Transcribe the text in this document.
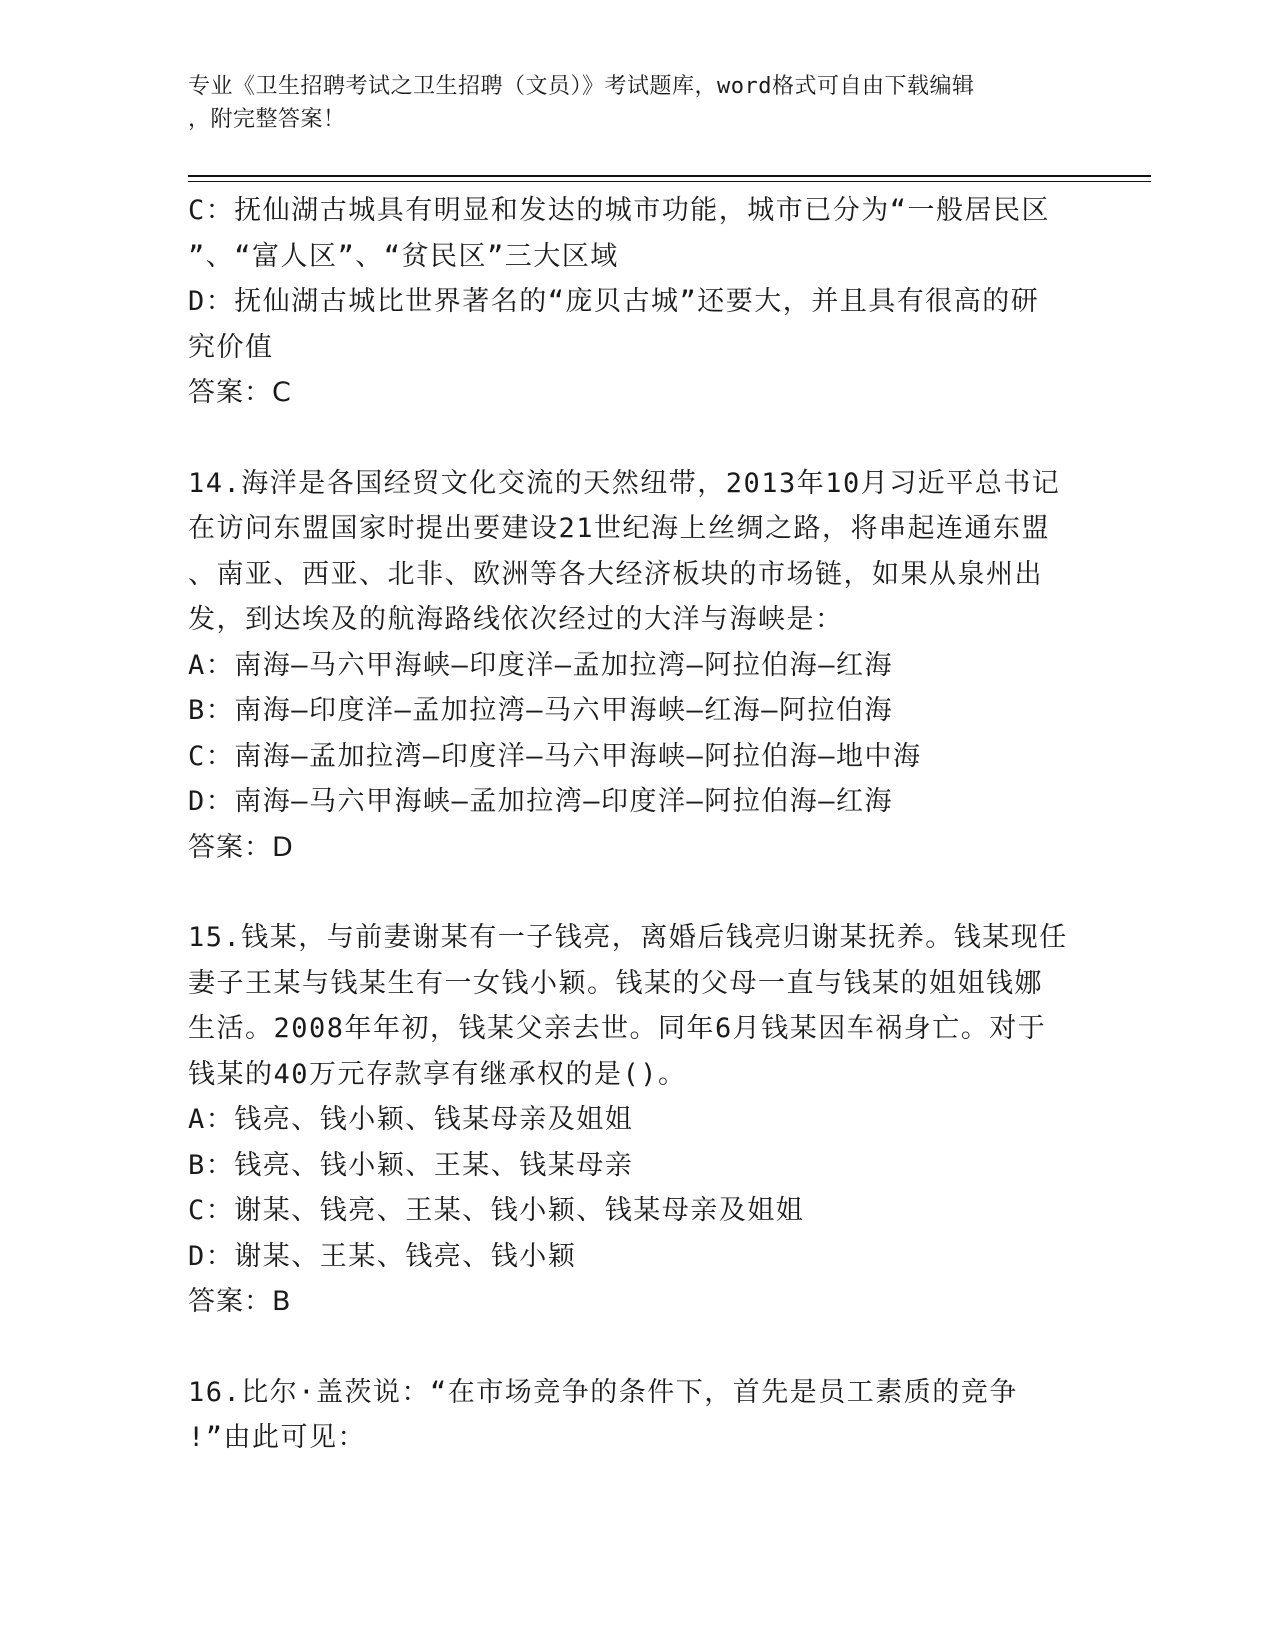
专业《卫生招聘考试之卫生招聘（文员）》考试题库，word格式可自由下载编辑
，附完整答案！
C：抚仙湖古城具有明显和发达的城市功能，城市已分为“一般居民区
”、“富人区”、“贫民区”三大区域
D：抚仙湖古城比世界著名的“庞贝古城”还要大，并且具有很高的研
究价值
答案：C
14.海洋是各国经贸文化交流的天然纽带，2013年10月习近平总书记
在访问东盟国家时提出要建设21世纪海上丝绸之路，将串起连通东盟
、南亚、西亚、北非、欧洲等各大经济板块的市场链，如果从泉州出
发，到达埃及的航海路线依次经过的大洋与海峡是：
A：南海—马六甲海峡—印度洋—孟加拉湾—阿拉伯海—红海
B：南海—印度洋—孟加拉湾—马六甲海峡—红海—阿拉伯海
C：南海—孟加拉湾—印度洋—马六甲海峡—阿拉伯海—地中海
D：南海—马六甲海峡—孟加拉湾—印度洋—阿拉伯海—红海
答案：D
15.钱某，与前妻谢某有一子钱亮，离婚后钱亮归谢某抚养。钱某现任
妻子王某与钱某生有一女钱小颖。钱某的父母一直与钱某的姐姐钱娜
生活。2008年年初，钱某父亲去世。同年6月钱某因车祸身亡。对于
钱某的40万元存款享有继承权的是()。
A：钱亮、钱小颖、钱某母亲及姐姐
B：钱亮、钱小颖、王某、钱某母亲
C：谢某、钱亮、王某、钱小颖、钱某母亲及姐姐
D：谢某、王某、钱亮、钱小颖
答案：B
16.比尔·盖茨说：“在市场竞争的条件下，首先是员工素质的竞争
!”由此可见：
